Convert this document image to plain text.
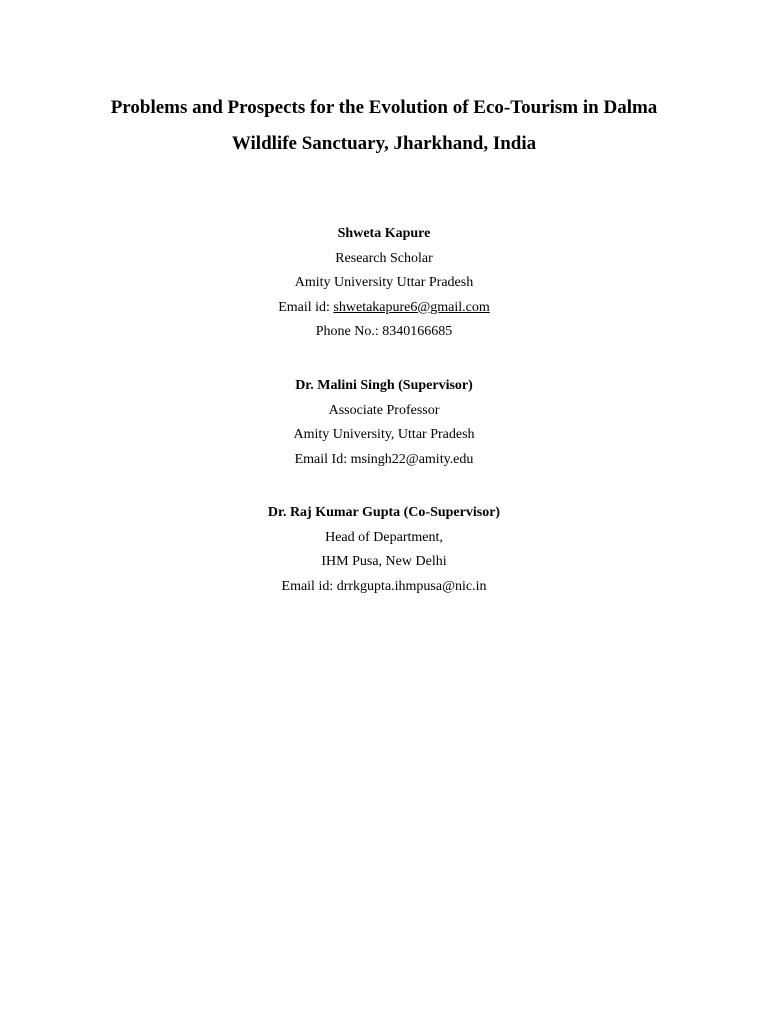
Problems and Prospects for the Evolution of Eco-Tourism in Dalma
Wildlife Sanctuary, Jharkhand, India
Shweta Kapure
Research Scholar
Amity University Uttar Pradesh
Email id: shwetakapure6@gmail.com
Phone No.: 8340166685
Dr. Malini Singh (Supervisor)
Associate Professor
Amity University, Uttar Pradesh
Email Id: msingh22@amity.edu
Dr. Raj Kumar Gupta (Co-Supervisor)
Head of Department,
IHM Pusa, New Delhi
Email id: drrkgupta.ihmpusa@nic.in
